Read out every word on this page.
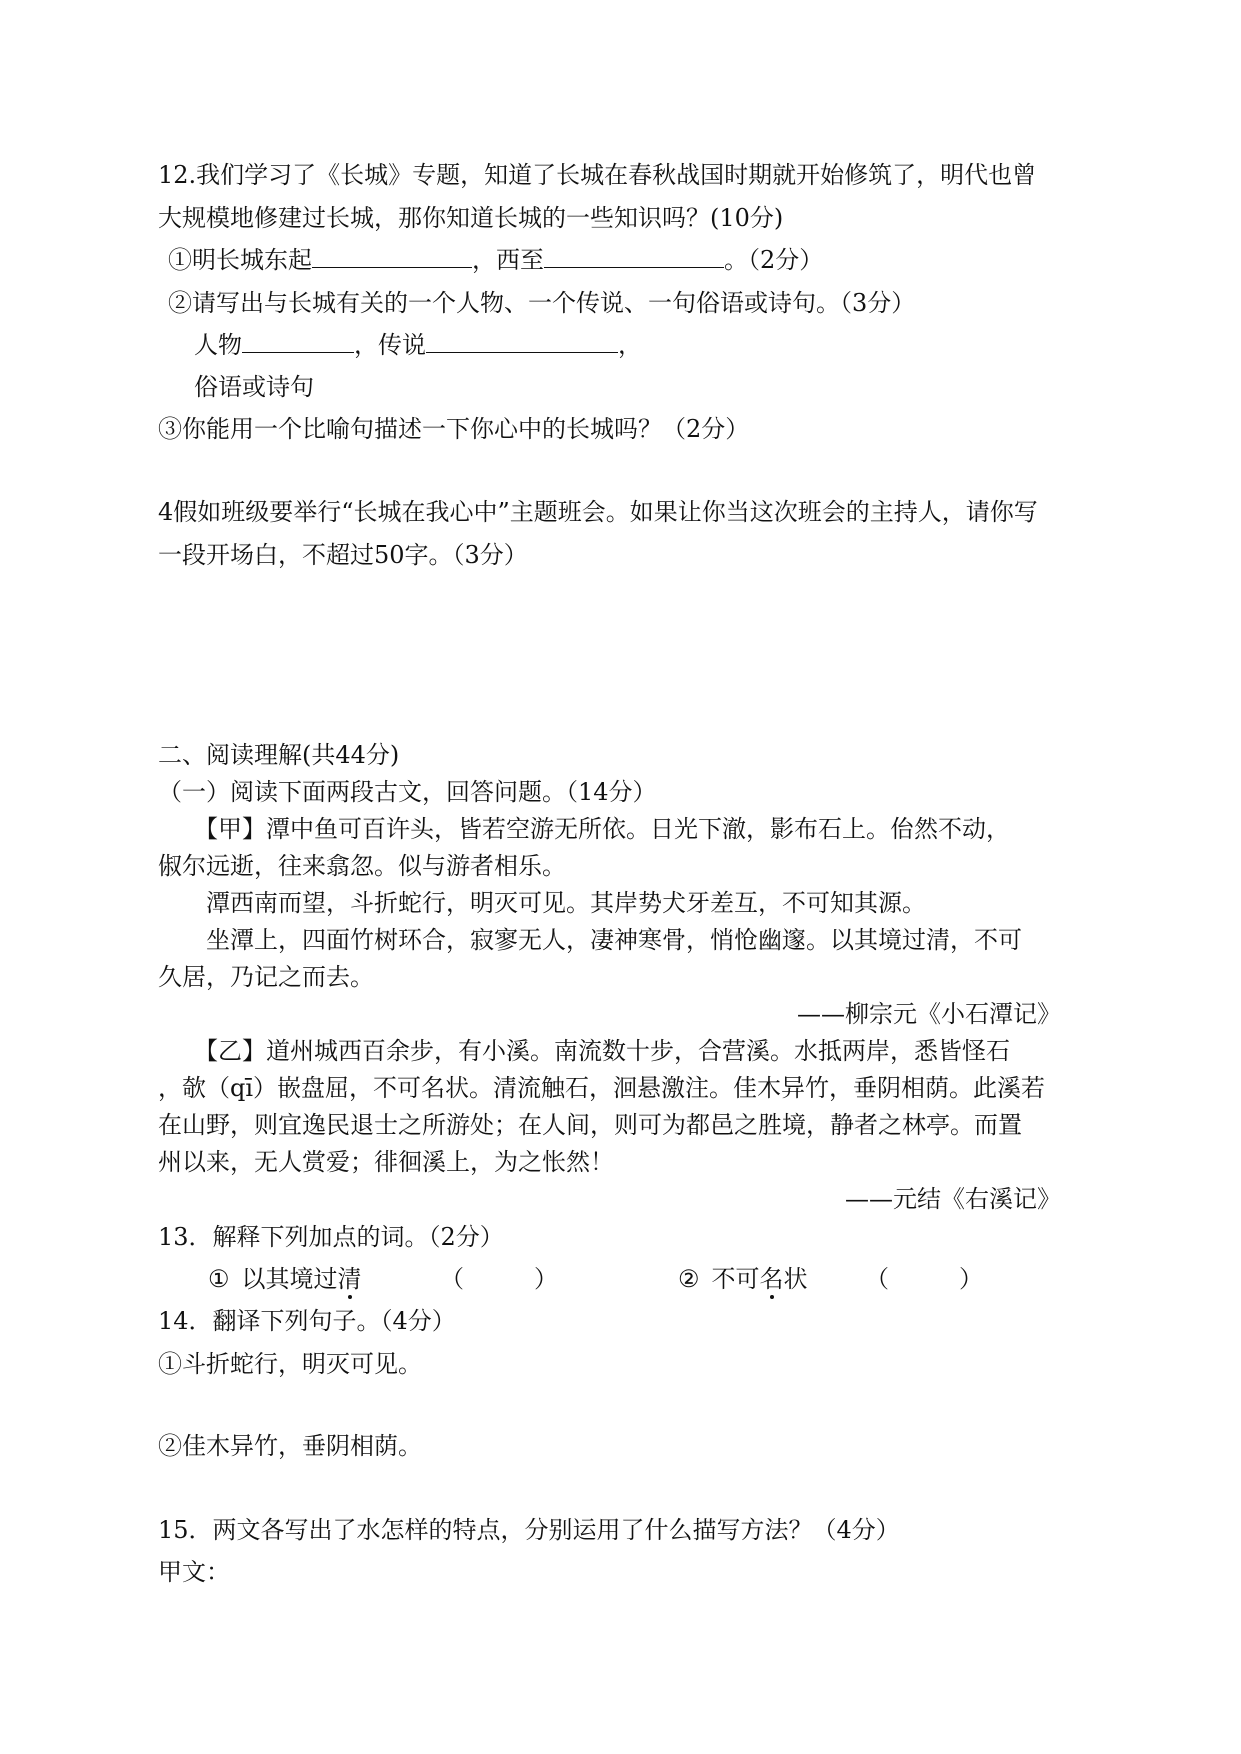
12.我们学习了《长城》专题，知道了长城在春秋战国时期就开始修筑了，明代也曾
大规模地修建过长城，那你知道长城的一些知识吗？(10分)
①明长城东起	，西至	。（2分）
②请写出与长城有关的一个人物、一个传说、一句俗语或诗句。（3分）
人物	，传说	，
俗语或诗句
③你能用一个比喻句描述一下你心中的长城吗？（2分）
4假如班级要举行“长城在我心中”主题班会。如果让你当这次班会的主持人，请你写
一段开场白，不超过50字。（3分）
二、阅读理解(共44分)
（一）阅读下面两段古文，回答问题。（14分）
【甲】潭中鱼可百许头，皆若空游无所依。日光下澈，影布石上。佁然不动，
俶尔远逝，往来翕忽。似与游者相乐。
潭西南而望，斗折蛇行，明灭可见。其岸势犬牙差互，不可知其源。
坐潭上，四面竹树环合，寂寥无人，凄神寒骨，悄怆幽邃。以其境过清，不可
久居，乃记之而去。
——柳宗元《小石潭记》
【乙】道州城西百余步，有小溪。南流数十步，合营溪。水抵两岸，悉皆怪石
，欹（qī）嵌盘屈，不可名状。清流触石，洄悬激注。佳木异竹，垂阴相荫。此溪若
在山野，则宜逸民退士之所游处；在人间，则可为都邑之胜境，静者之林亭。而置
州以来，无人赏爱；徘徊溪上，为之怅然！
——元结《右溪记》
13．解释下列加点的词。（2分）
① 以其境过清	（	）	② 不可名状 （	）
14．翻译下列句子。（4分）
①斗折蛇行，明灭可见。
②佳木异竹，垂阴相荫。
15．两文各写出了水怎样的特点，分别运用了什么描写方法？（4分）
甲文：
